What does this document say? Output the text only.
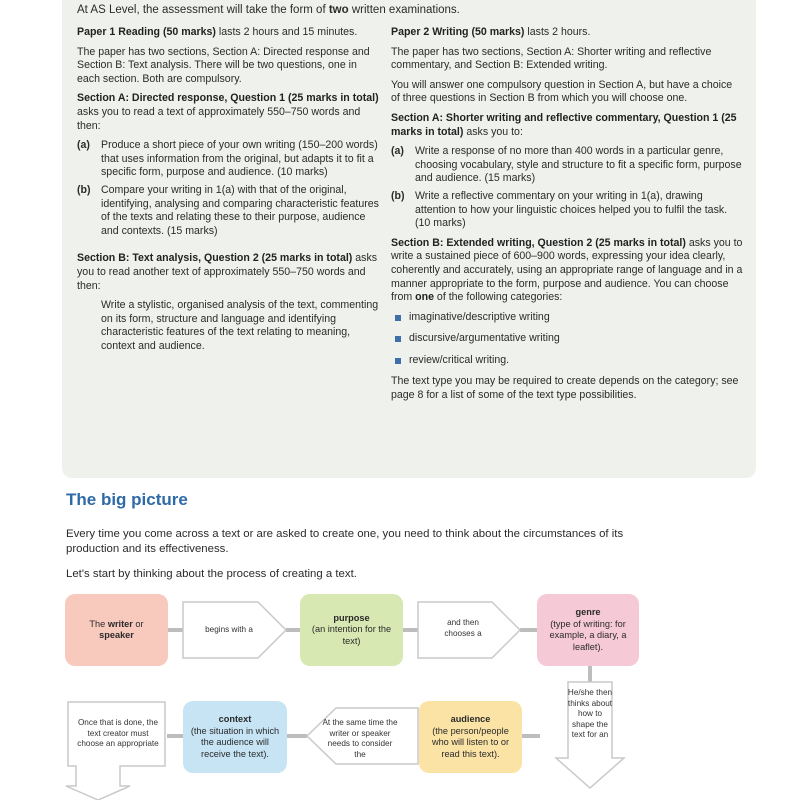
At AS Level, the assessment will take the form of two written examinations.

Paper 1 Reading (50 marks) lasts 2 hours and 15 minutes.

The paper has two sections, Section A: Directed response and Section B: Text analysis. There will be two questions, one in each section. Both are compulsory.

Section A: Directed response, Question 1 (25 marks in total) asks you to read a text of approximately 550–750 words and then:

(a) Produce a short piece of your own writing (150–200 words) that uses information from the original, but adapts it to fit a specific form, purpose and audience. (10 marks)
(b) Compare your writing in 1(a) with that of the original, identifying, analysing and comparing characteristic features of the texts and relating these to their purpose, audience and contexts. (15 marks)

Section B: Text analysis, Question 2 (25 marks in total) asks you to read another text of approximately 550–750 words and then:

Write a stylistic, organised analysis of the text, commenting on its form, structure and language and identifying characteristic features of the text relating to meaning, context and audience.

Paper 2 Writing (50 marks) lasts 2 hours.

The paper has two sections, Section A: Shorter writing and reflective commentary, and Section B: Extended writing.

You will answer one compulsory question in Section A, but have a choice of three questions in Section B from which you will choose one.

Section A: Shorter writing and reflective commentary, Question 1 (25 marks in total) asks you to:

(a) Write a response of no more than 400 words in a particular genre, choosing vocabulary, style and structure to fit a specific form, purpose and audience. (15 marks)
(b) Write a reflective commentary on your writing in 1(a), drawing attention to how your linguistic choices helped you to fulfil the task. (10 marks)

Section B: Extended writing, Question 2 (25 marks in total) asks you to write a sustained piece of 600–900 words, expressing your idea clearly, coherently and accurately, using an appropriate range of language and in a manner appropriate to the form, purpose and audience. You can choose from one of the following categories:

imaginative/descriptive writing
discursive/argumentative writing
review/critical writing.

The text type you may be required to create depends on the category; see page 8 for a list of some of the text type possibilities.

The big picture
Every time you come across a text or are asked to create one, you need to think about the circumstances of its production and its effectiveness.
Let's start by thinking about the process of creating a text.
The writer or
speaker
begins with a
purpose
(an intention for the text)
and then chooses a
genre
(type of writing: for example, a diary, a leaflet).
He/she then thinks about how to shape the text for an
audience
(the person/people who will listen to or read this text).
At the same time the writer or speaker needs to consider the
context
(the situation in which the audience will receive the text).
Once that is done, the text creator must choose an appropriate
